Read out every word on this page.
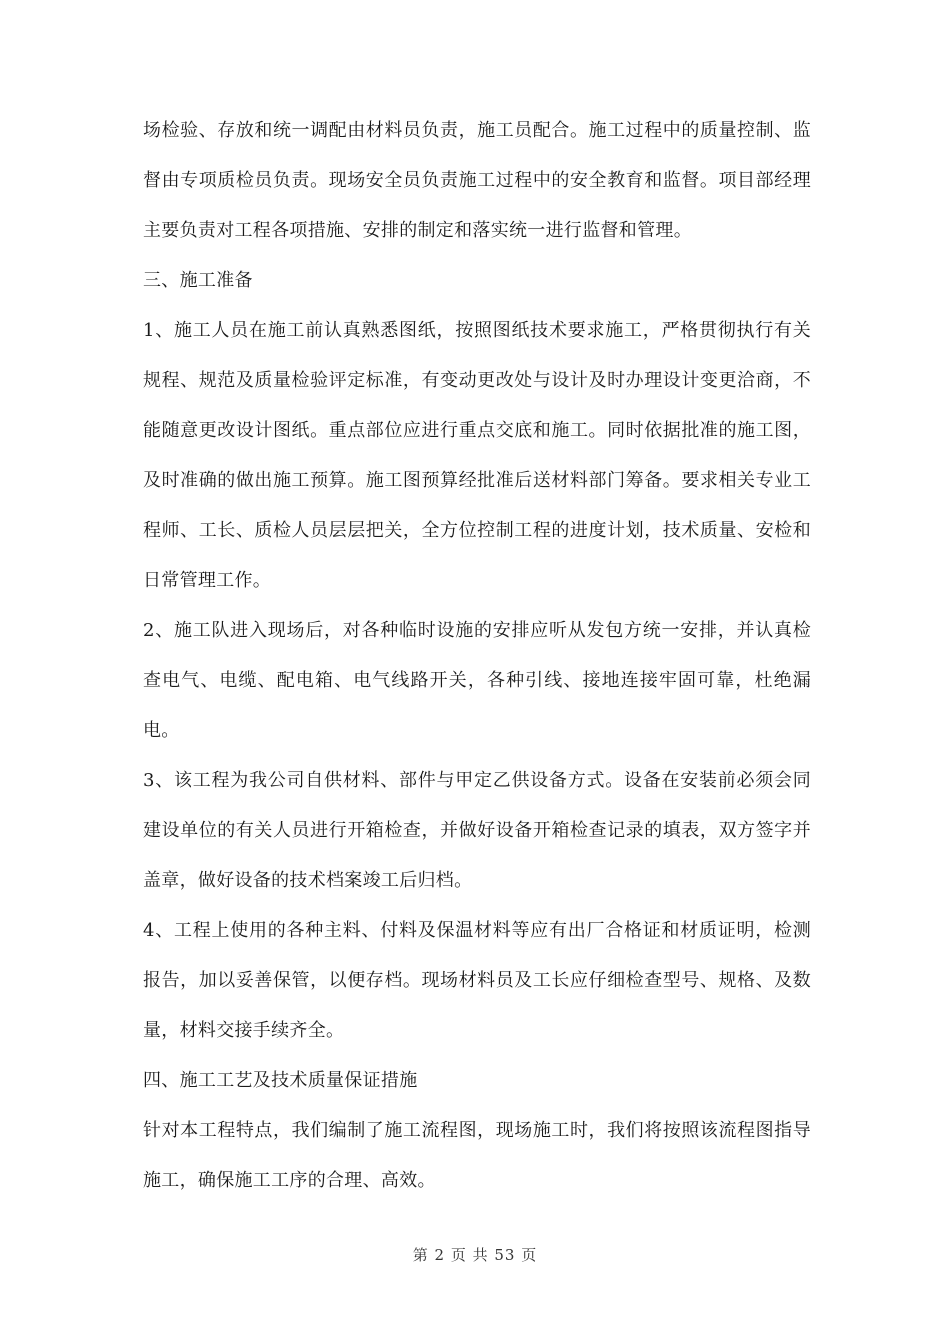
场检验、存放和统一调配由材料员负责，施工员配合。施工过程中的质量控制、监督由专项质检员负责。现场安全员负责施工过程中的安全教育和监督。项目部经理主要负责对工程各项措施、安排的制定和落实统一进行监督和管理。

三、施工准备

1、施工人员在施工前认真熟悉图纸，按照图纸技术要求施工，严格贯彻执行有关规程、规范及质量检验评定标准，有变动更改处与设计及时办理设计变更洽商，不能随意更改设计图纸。重点部位应进行重点交底和施工。同时依据批准的施工图，及时准确的做出施工预算。施工图预算经批准后送材料部门筹备。要求相关专业工程师、工长、质检人员层层把关，全方位控制工程的进度计划，技术质量、安检和日常管理工作。

2、施工队进入现场后，对各种临时设施的安排应听从发包方统一安排，并认真检查电气、电缆、配电箱、电气线路开关，各种引线、接地连接牢固可靠，杜绝漏电。

3、该工程为我公司自供材料、部件与甲定乙供设备方式。设备在安装前必须会同建设单位的有关人员进行开箱检查，并做好设备开箱检查记录的填表，双方签字并盖章，做好设备的技术档案竣工后归档。

4、工程上使用的各种主料、付料及保温材料等应有出厂合格证和材质证明，检测报告，加以妥善保管，以便存档。现场材料员及工长应仔细检查型号、规格、及数量，材料交接手续齐全。

四、施工工艺及技术质量保证措施

针对本工程特点，我们编制了施工流程图，现场施工时，我们将按照该流程图指导施工，确保施工工序的合理、高效。

第 2 页 共 53 页
